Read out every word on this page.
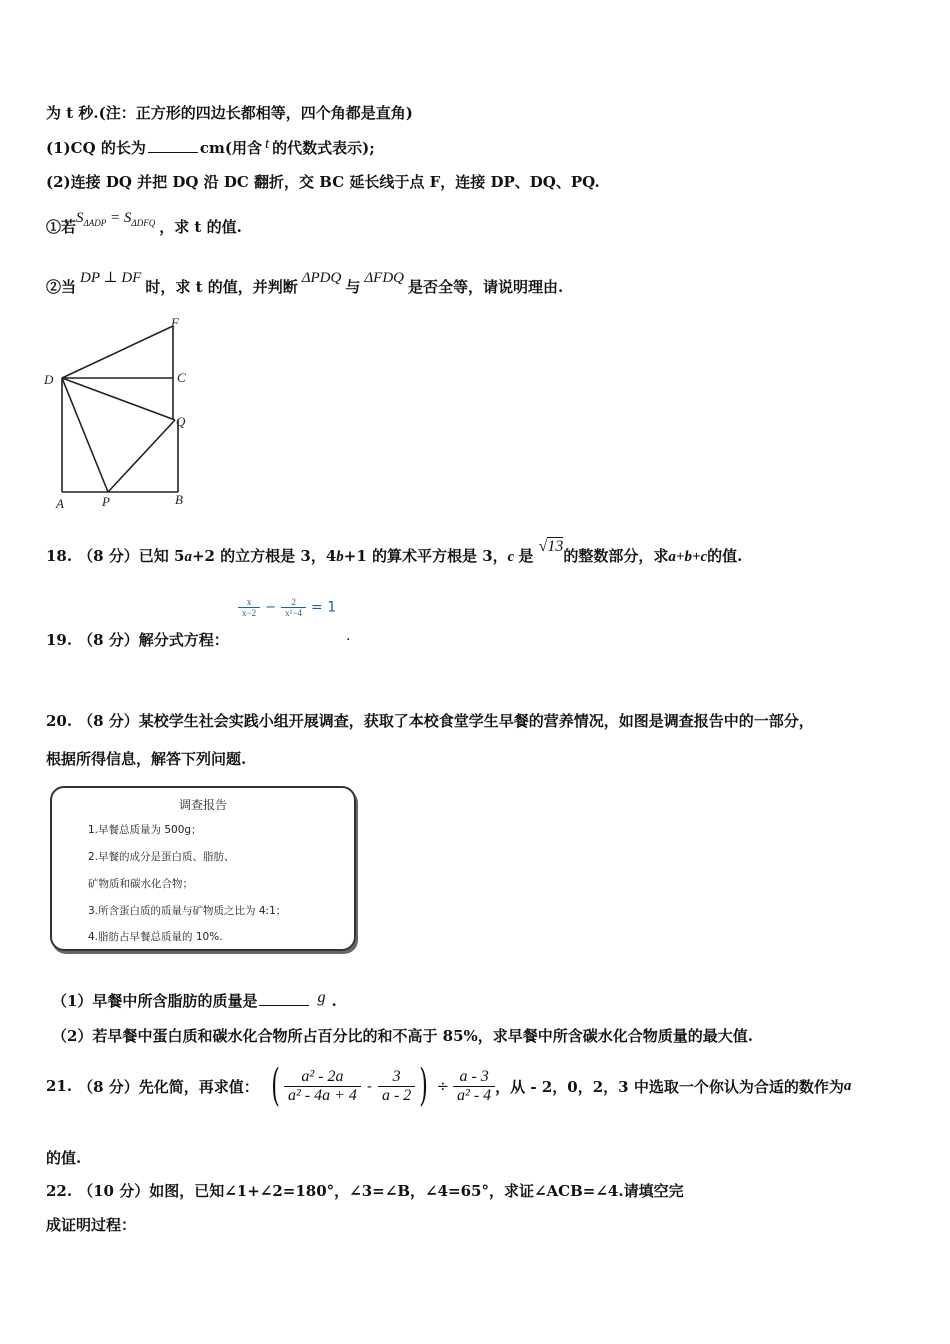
为 t 秒.(注：正方形的四边长都相等，四个角都是直角)
(1)CQ 的长为	cm(用含 t 的代数式表示);
(2)连接 DQ 并把 DQ 沿 DC 翻折，交 BC 延长线于点 F，连接 DP、DQ、PQ.
①若$S_{\Delta ADP} = S_{\Delta DFQ}$ ，求 t 的值.
②当 DP ⊥ DF 时，求 t 的值，并判断 ΔPDQ 与 ΔFDQ 是否全等，请说明理由.
F
D	C
Q
A	P	B
18. （8 分）已知 5a+2 的立方根是 3，4b+1 的算术平方根是 3，c 是 √13的整数部分，求a+b+c的值.
19. （8 分）解分式方程：
$\frac{x}{x-2} - \frac{2}{\text{x²−4}} = 1$
.
20. （8 分）某校学生社会实践小组开展调查，获取了本校食堂学生早餐的营养情况，如图是调查报告中的一部分，
根据所得信息，解答下列问题.
调查报告
1.早餐总质量为 500g；
2.早餐的成分是蛋白质、脂肪、
矿物质和碳水化合物；
3.所含蛋白质的质量与矿物质之比为 4:1；
4.脂肪占早餐总质量的 10%.
（1）早餐中所含脂肪的质量是	g .
（2）若早餐中蛋白质和碳水化合物所占百分比的和不高于 85%，求早餐中所含碳水化合物质量的最大值.
21. （8 分） 先化简，再求值： ( $\frac{\text{a² - 2a}}{\text{a² - 4a + 4}} - \frac{3}{a - 2}$ ) ÷ $\frac{a - 3}{\text{a² - 4}}$ ，从 - 2，0，2，3 中选取一个你认为合适的数作为 a
的值.
22. （10 分）如图，已知∠1+∠2=180°，∠3=∠B，∠4=65°，求证∠ACB=∠4.请填空完
成证明过程：
